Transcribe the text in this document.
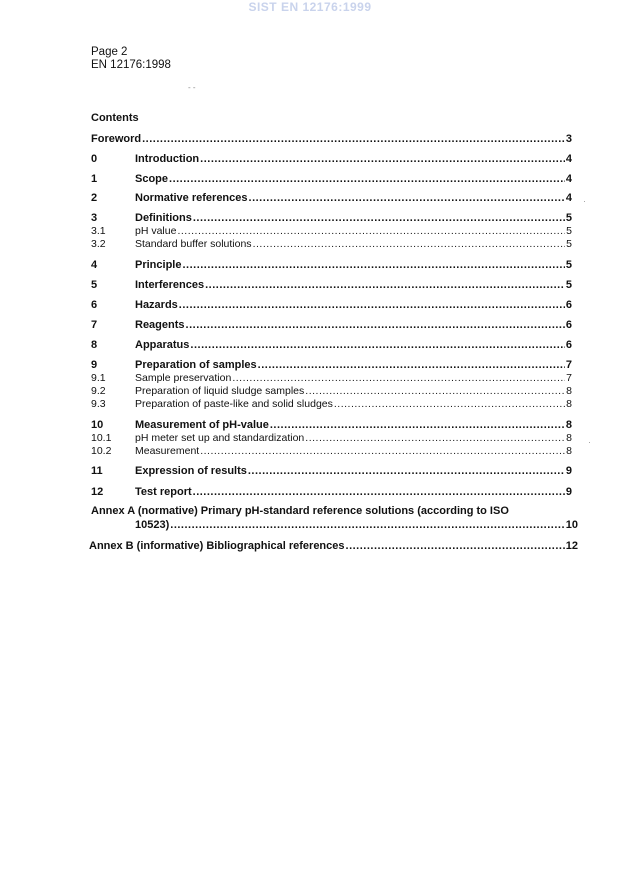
SIST EN 12176:1999
Page 2
EN 12176:1998
- -
Contents
Foreword .....	3
0	Introduction .....	4
1	Scope .....	4
2	Normative references .....	4
3	Definitions .....	5
3.1	pH value .....	5
3.2	Standard buffer solutions .....	5
4	Principle .....	5
5	Interferences .....	5
6	Hazards .....	6
7	Reagents .....	6
8	Apparatus .....	6
9	Preparation of samples .....	7
9.1	Sample preservation .....	7
9.2	Preparation of liquid sludge samples .....	8
9.3	Preparation of paste-like and solid sludges .....	8
10	Measurement of pH-value .....	8
10.1	pH meter set up and standardization .....	8
10.2	Measurement .....	8
11	Expression of results .....	9
12	Test report .....	9
Annex A (normative) Primary pH-standard reference solutions (according to ISO
10523) .....	10
Annex B (informative) Bibliographical references .....	12
·
·
